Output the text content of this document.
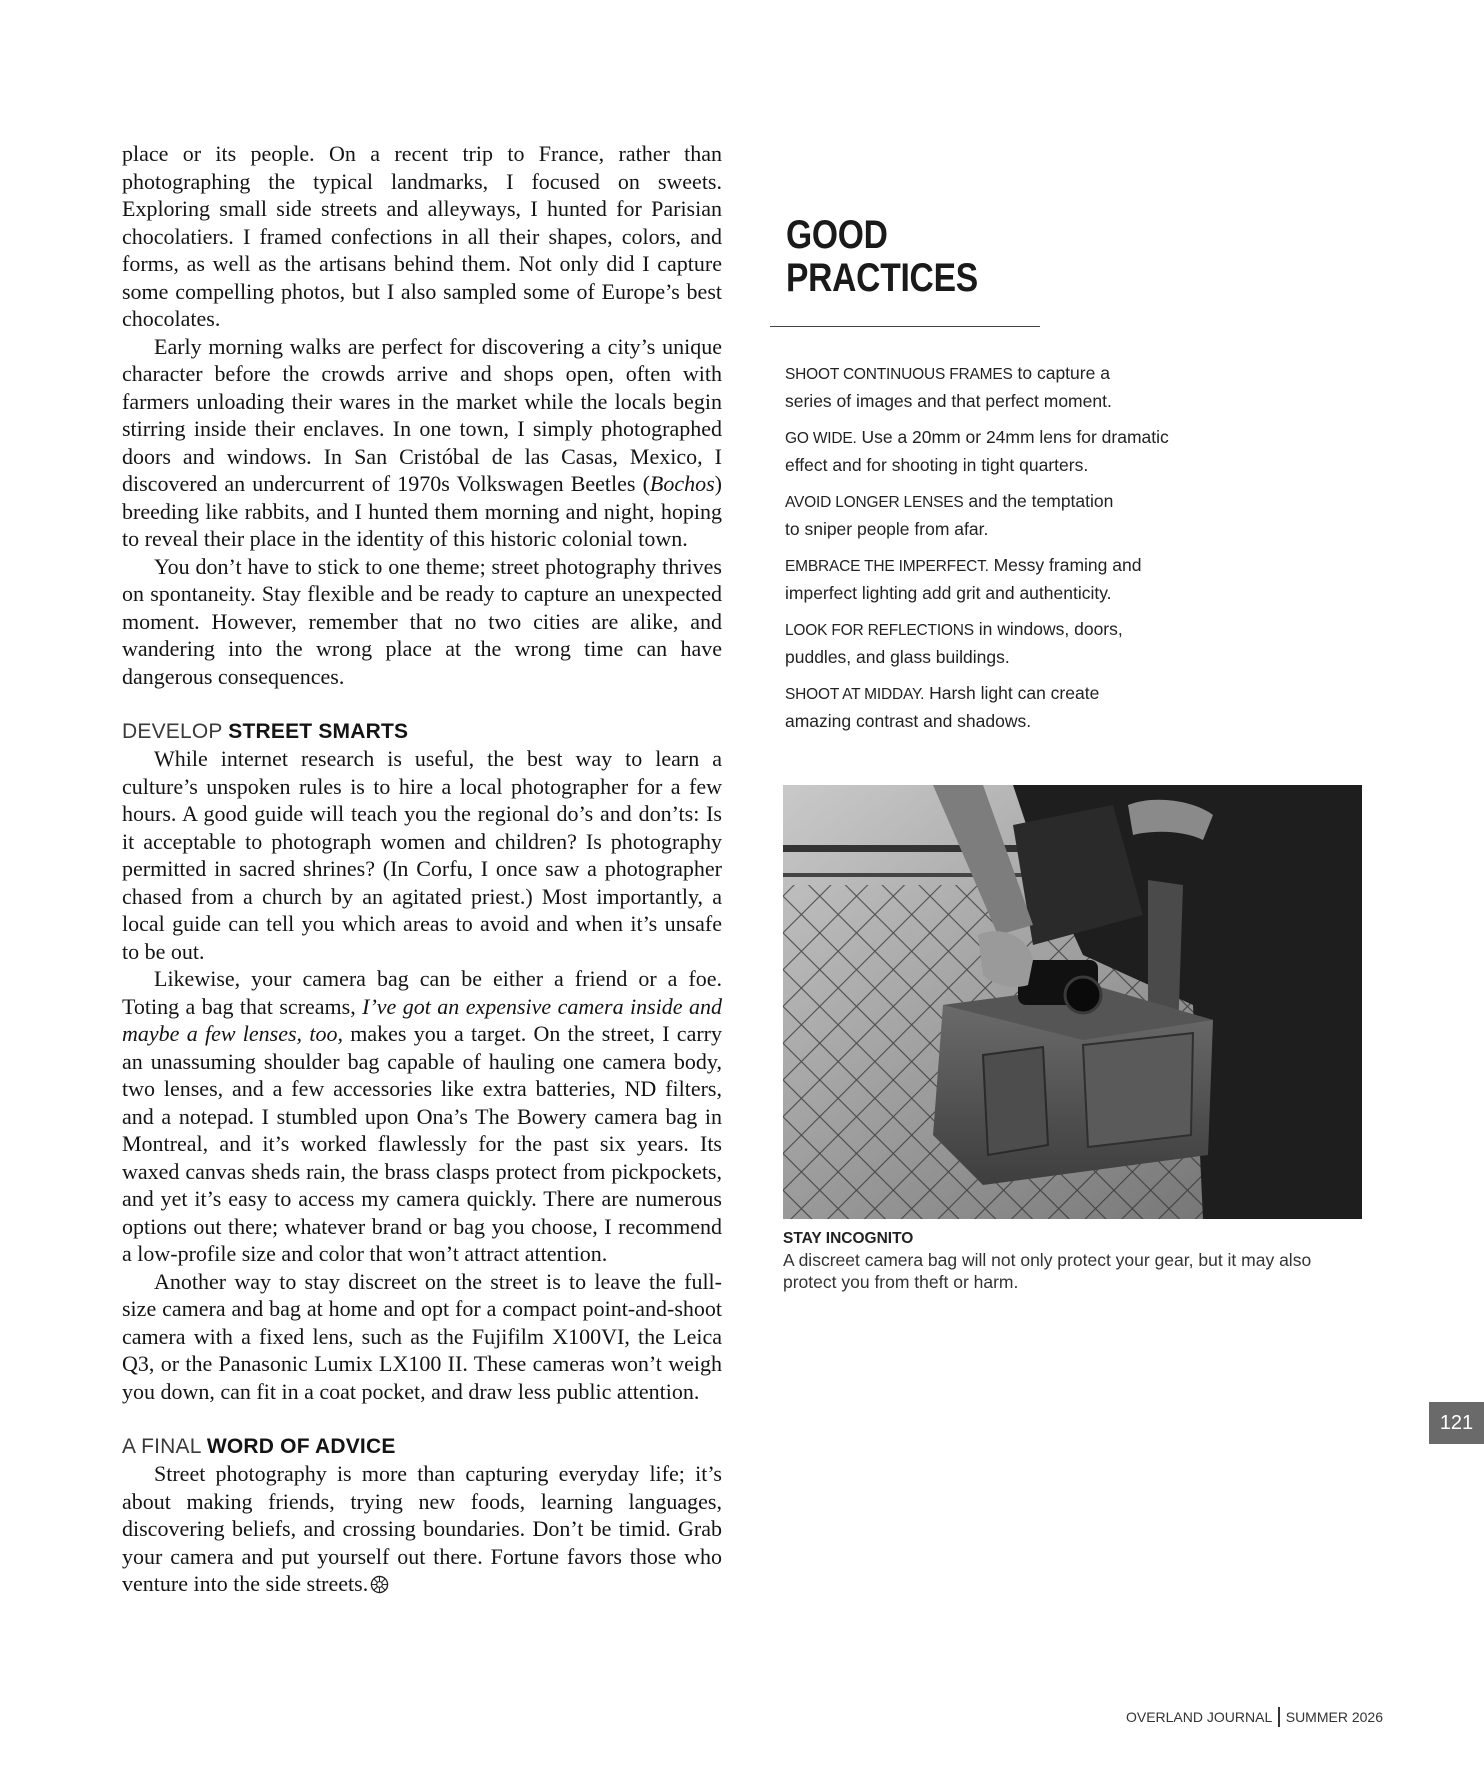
place or its people. On a recent trip to France, rather than photographing the typical landmarks, I focused on sweets. Exploring small side streets and alleyways, I hunted for Parisian chocolatiers. I framed confections in all their shapes, colors, and forms, as well as the artisans behind them. Not only did I capture some compelling photos, but I also sampled some of Europe’s best chocolates.

Early morning walks are perfect for discovering a city’s unique character before the crowds arrive and shops open, often with farmers unloading their wares in the market while the locals begin stirring inside their enclaves. In one town, I simply photographed doors and windows. In San Cristóbal de las Casas, Mexico, I discovered an undercurrent of 1970s Volkswagen Beetles (Bochos) breeding like rabbits, and I hunted them morning and night, hoping to reveal their place in the identity of this historic colonial town.

You don’t have to stick to one theme; street photography thrives on spontaneity. Stay flexible and be ready to capture an unexpected moment. However, remember that no two cities are alike, and wandering into the wrong place at the wrong time can have dangerous consequences.

DEVELOP STREET SMARTS

While internet research is useful, the best way to learn a culture’s unspoken rules is to hire a local photographer for a few hours. A good guide will teach you the regional do’s and don’ts: Is it acceptable to photograph women and children? Is photography permitted in sacred shrines? (In Corfu, I once saw a photographer chased from a church by an agitated priest.) Most importantly, a local guide can tell you which areas to avoid and when it’s unsafe to be out.

Likewise, your camera bag can be either a friend or a foe. Toting a bag that screams, I’ve got an expensive camera inside and maybe a few lenses, too, makes you a target. On the street, I carry an unassuming shoulder bag capable of hauling one camera body, two lenses, and a few accessories like extra batteries, ND filters, and a notepad. I stumbled upon Ona’s The Bowery camera bag in Montreal, and it’s worked flawlessly for the past six years. Its waxed canvas sheds rain, the brass clasps protect from pickpockets, and yet it’s easy to access my camera quickly. There are numerous options out there; whatever brand or bag you choose, I recommend a low-profile size and color that won’t attract attention.

Another way to stay discreet on the street is to leave the full-size camera and bag at home and opt for a compact point-and-shoot camera with a fixed lens, such as the Fujifilm X100VI, the Leica Q3, or the Panasonic Lumix LX100 II. These cameras won’t weigh you down, can fit in a coat pocket, and draw less public attention.

A FINAL WORD OF ADVICE

Street photography is more than capturing everyday life; it’s about making friends, trying new foods, learning languages, discovering beliefs, and crossing boundaries. Don’t be timid. Grab your camera and put yourself out there. Fortune favors those who venture into the side streets.

GOOD
PRACTICES
SHOOT CONTINUOUS FRAMES to capture a
series of images and that perfect moment.
GO WIDE. Use a 20mm or 24mm lens for dramatic
effect and for shooting in tight quarters.
AVOID LONGER LENSES and the temptation
to sniper people from afar.
EMBRACE THE IMPERFECT. Messy framing and
imperfect lighting add grit and authenticity.
LOOK FOR REFLECTIONS in windows, doors,
puddles, and glass buildings.
SHOOT AT MIDDAY. Harsh light can create
amazing contrast and shadows.
STAY INCOGNITO
A discreet camera bag will not only protect your gear, but it may also protect you from theft or harm.
121
OVERLAND JOURNAL SUMMER 2026
